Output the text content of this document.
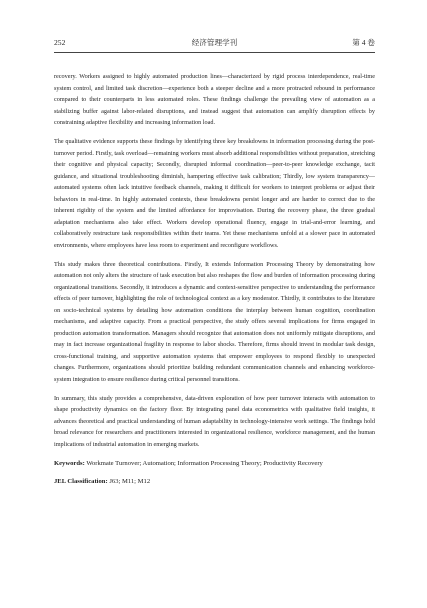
252	经济管理学刊	第 4 卷

recovery. Workers assigned to highly automated production lines—characterized by rigid process interdependence, real-time system control, and limited task discretion—experience both a steeper decline and a more protracted rebound in performance compared to their counterparts in less automated roles. These findings challenge the prevailing view of automation as a stabilizing buffer against labor-related disruptions, and instead suggest that automation can amplify disruption effects by constraining adaptive flexibility and increasing information load.

The qualitative evidence supports these findings by identifying three key breakdowns in information processing during the post-turnover period. Firstly, task overload—remaining workers must absorb additional responsibilities without preparation, stretching their cognitive and physical capacity; Secondly, disrupted informal coordination—peer-to-peer knowledge exchange, tacit guidance, and situational troubleshooting diminish, hampering effective task calibration; Thirdly, low system transparency—automated systems often lack intuitive feedback channels, making it difficult for workers to interpret problems or adjust their behaviors in real-time. In highly automated contexts, these breakdowns persist longer and are harder to correct due to the inherent rigidity of the system and the limited affordance for improvisation. During the recovery phase, the three gradual adaptation mechanisms also take effect. Workers develop operational fluency, engage in trial-and-error learning, and collaboratively restructure task responsibilities within their teams. Yet these mechanisms unfold at a slower pace in automated environments, where employees have less room to experiment and reconfigure workflows.

This study makes three theoretical contributions. Firstly, It extends Information Processing Theory by demonstrating how automation not only alters the structure of task execution but also reshapes the flow and burden of information processing during organizational transitions. Secondly, it introduces a dynamic and context-sensitive perspective to understanding the performance effects of peer turnover, highlighting the role of technological context as a key moderator. Thirdly, it contributes to the literature on socio-technical systems by detailing how automation conditions the interplay between human cognition, coordination mechanisms, and adaptive capacity. From a practical perspective, the study offers several implications for firms engaged in production automation transformation. Managers should recognize that automation does not uniformly mitigate disruptions, and may in fact increase organizational fragility in response to labor shocks. Therefore, firms should invest in modular task design, cross-functional training, and supportive automation systems that empower employees to respond flexibly to unexpected changes. Furthermore, organizations should prioritize building redundant communication channels and enhancing workforce-system integration to ensure resilience during critical personnel transitions.

In summary, this study provides a comprehensive, data-driven exploration of how peer turnover interacts with automation to shape productivity dynamics on the factory floor. By integrating panel data econometrics with qualitative field insights, it advances theoretical and practical understanding of human adaptability in technology-intensive work settings. The findings hold broad relevance for researchers and practitioners interested in organizational resilience, workforce management, and the human implications of industrial automation in emerging markets.

Keywords: Workmate Turnover; Automation; Information Processing Theory; Productivity Recovery

JEL Classification: J63; M11; M12
